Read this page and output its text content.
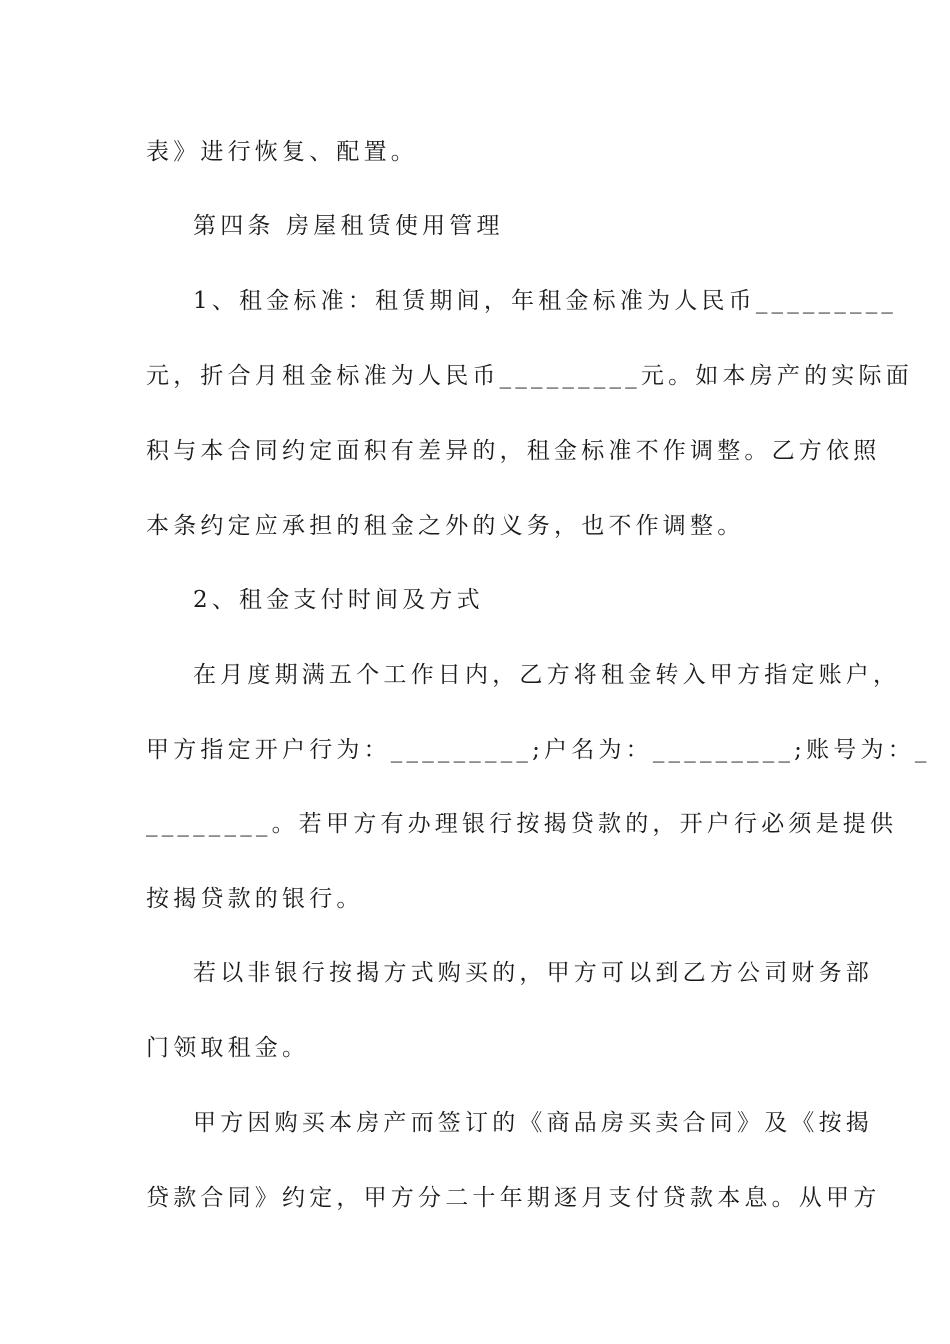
表》进行恢复、配置。
第四条 房屋租赁使用管理
1、租金标准：租赁期间，年租金标准为人民币_________
元，折合月租金标准为人民币_________元。如本房产的实际面
积与本合同约定面积有差异的，租金标准不作调整。乙方依照
本条约定应承担的租金之外的义务，也不作调整。
2、租金支付时间及方式
在月度期满五个工作日内，乙方将租金转入甲方指定账户，
甲方指定开户行为：_________;户名为：_________;账号为：_
________。若甲方有办理银行按揭贷款的，开户行必须是提供
按揭贷款的银行。
若以非银行按揭方式购买的，甲方可以到乙方公司财务部
门领取租金。
甲方因购买本房产而签订的《商品房买卖合同》及《按揭
贷款合同》约定，甲方分二十年期逐月支付贷款本息。从甲方
